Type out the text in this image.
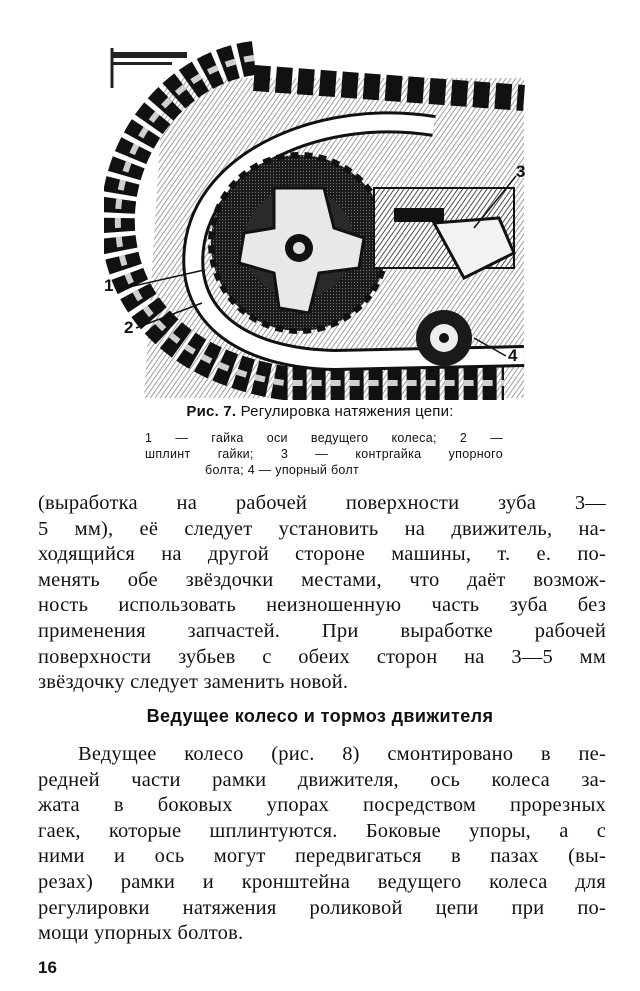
1
2
3
4
Рис. 7. Регулировка натяжения цепи:
1 — гайка оси ведущего колеса; 2 —
шплинт гайки; 3 — контргайка упорного
болта; 4 — упорный болт
(выработка на рабочей поверхности зуба 3—
5 мм), её следует установить на движитель, на-
ходящийся на другой стороне машины, т. е. по-
менять обе звёздочки местами, что даёт возмож-
ность использовать неизношенную часть зуба без
применения запчастей. При выработке рабочей
поверхности зубьев с обеих сторон на 3—5 мм
звёздочку следует заменить новой.
Ведущее колесо и тормоз движителя
Ведущее колесо (рис. 8) смонтировано в пе-
редней части рамки движителя, ось колеса за-
жата в боковых упорах посредством прорезных
гаек, которые шплинтуются. Боковые упоры, а с
ними и ось могут передвигаться в пазах (вы-
резах) рамки и кронштейна ведущего колеса для
регулировки натяжения роликовой цепи при по-
мощи упорных болтов.
16
